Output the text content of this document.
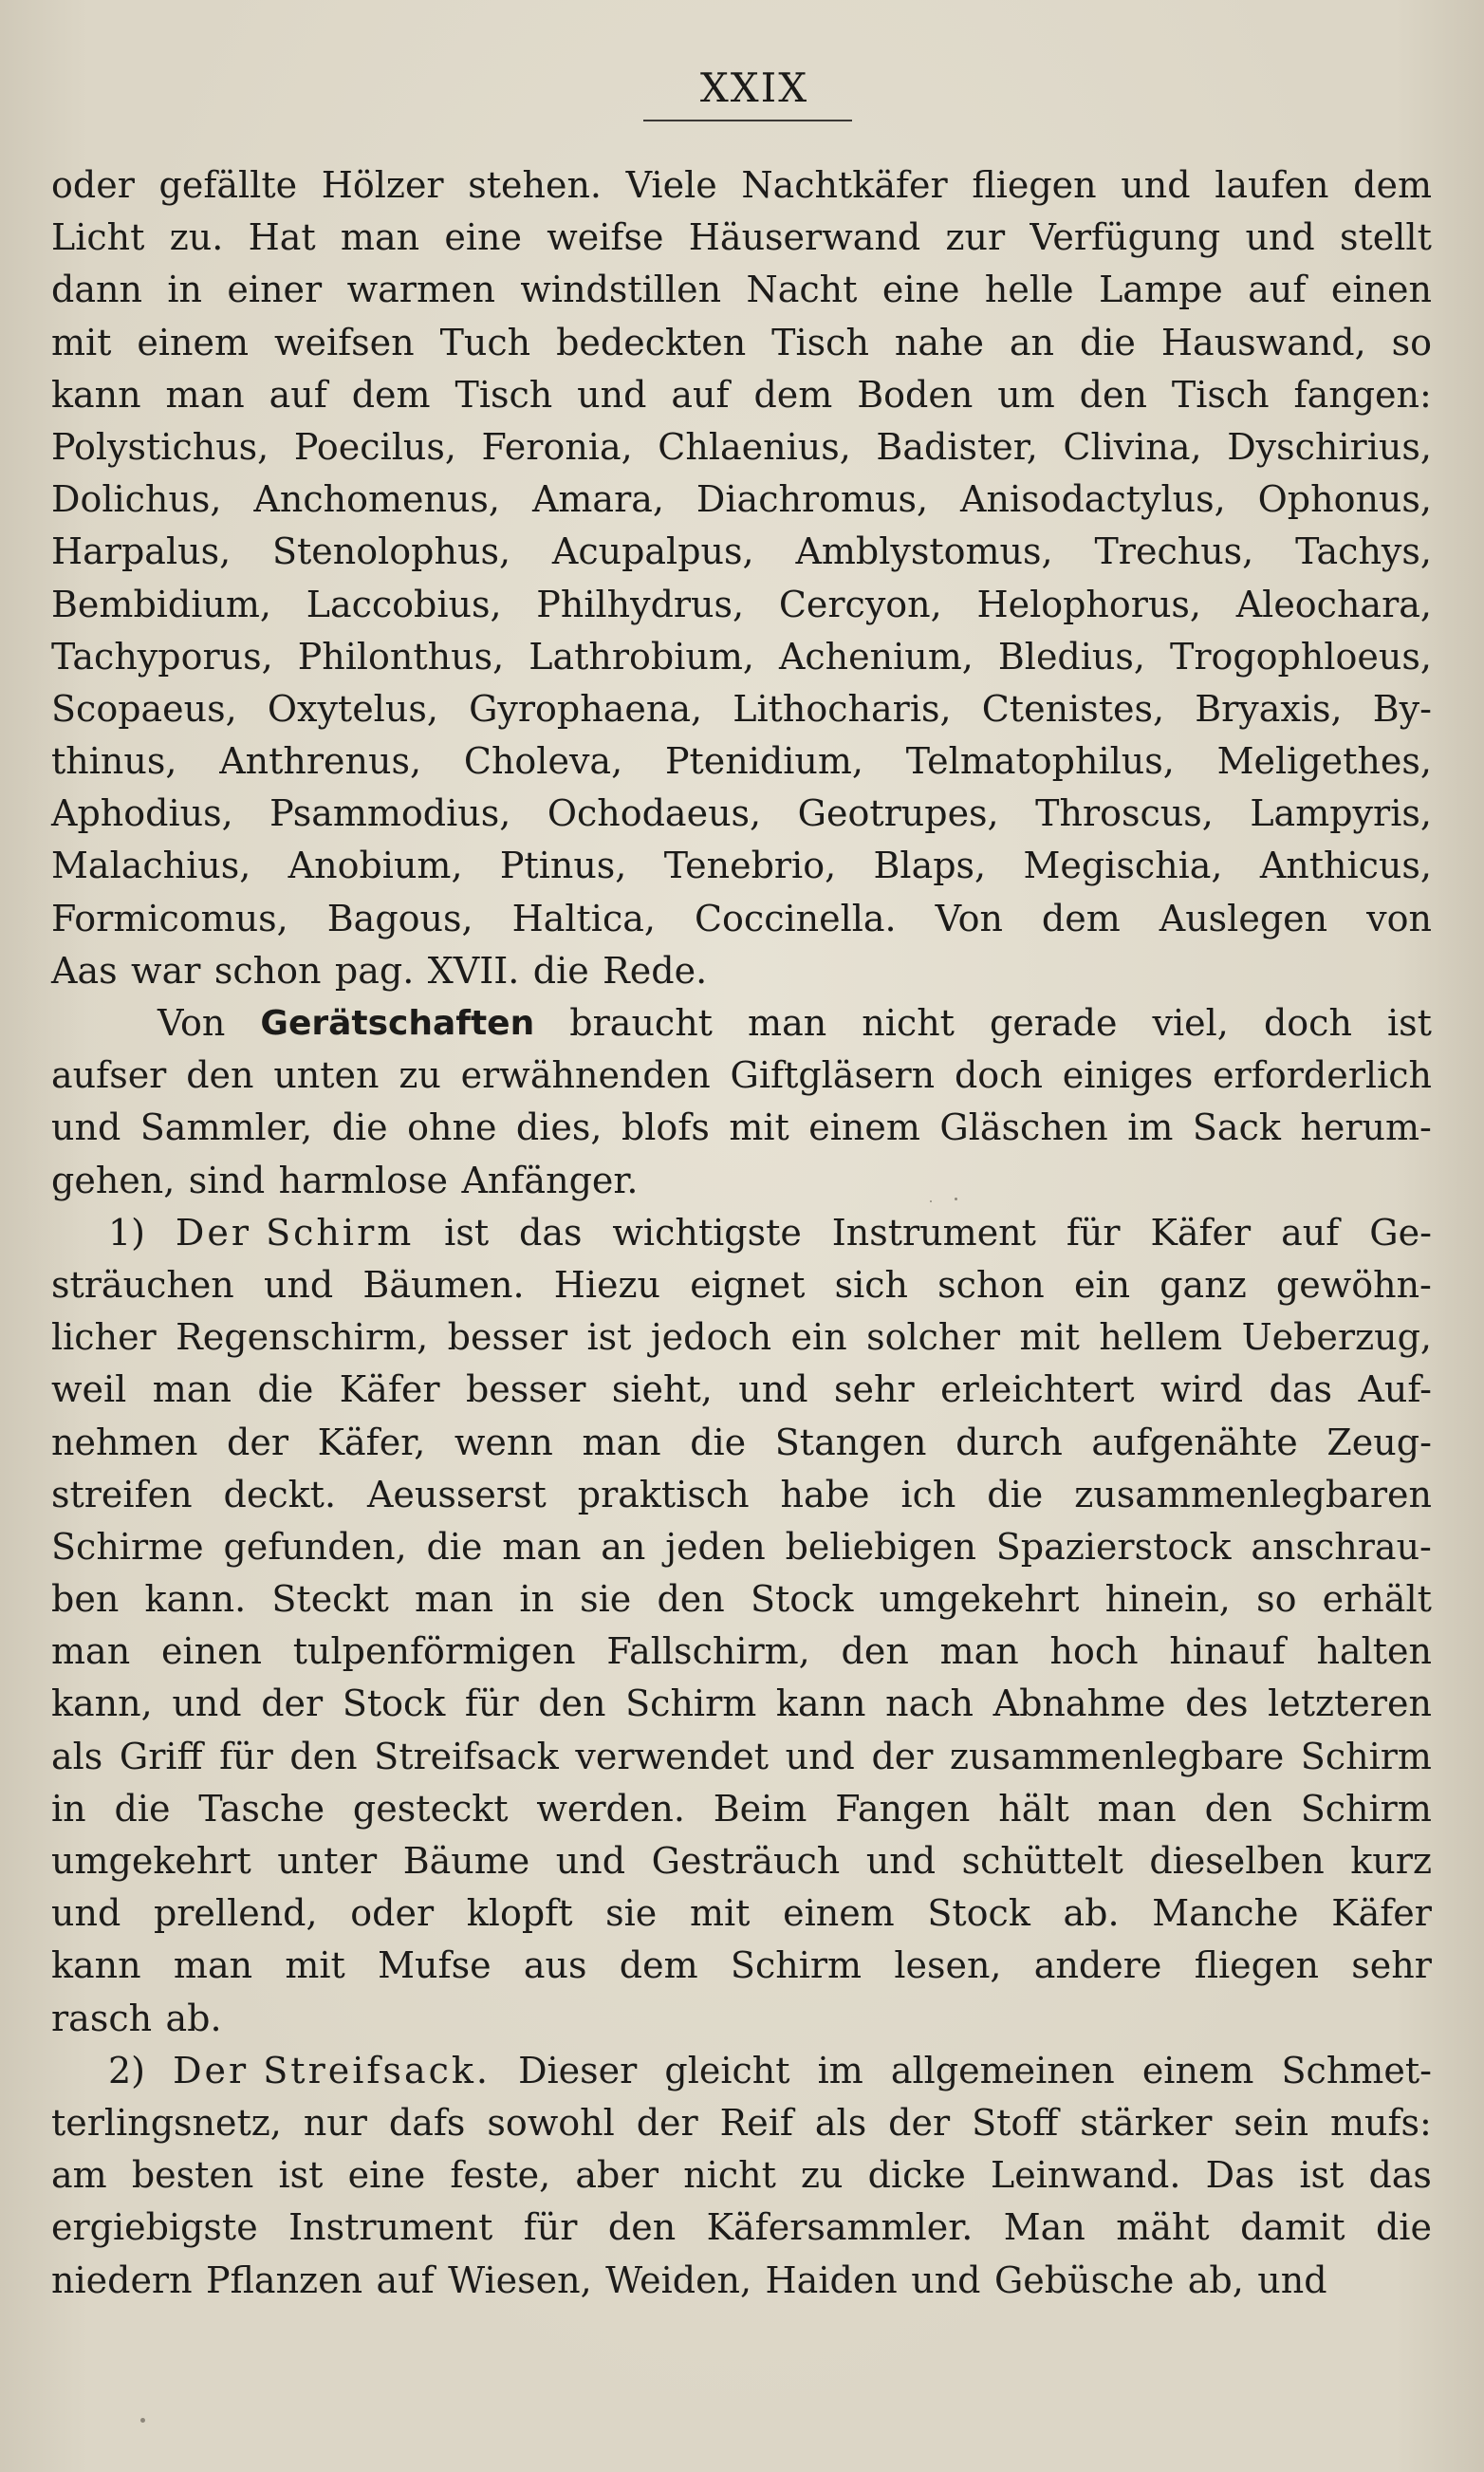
XXIX
oder gefällte Hölzer stehen. Viele Nachtkäfer fliegen und laufen dem
Licht zu. Hat man eine weifse Häuserwand zur Verfügung und stellt
dann in einer warmen windstillen Nacht eine helle Lampe auf einen
mit einem weifsen Tuch bedeckten Tisch nahe an die Hauswand, so
kann man auf dem Tisch und auf dem Boden um den Tisch fangen:
Polystichus, Poecilus, Feronia, Chlaenius, Badister, Clivina, Dyschirius,
Dolichus, Anchomenus, Amara, Diachromus, Anisodactylus, Ophonus,
Harpalus, Stenolophus, Acupalpus, Amblystomus, Trechus, Tachys,
Bembidium, Laccobius, Philhydrus, Cercyon, Helophorus, Aleochara,
Tachyporus, Philonthus, Lathrobium, Achenium, Bledius, Trogophloeus,
Scopaeus, Oxytelus, Gyrophaena, Lithocharis, Ctenistes, Bryaxis, By-
thinus, Anthrenus, Choleva, Ptenidium, Telmatophilus, Meligethes,
Aphodius, Psammodius, Ochodaeus, Geotrupes, Throscus, Lampyris,
Malachius, Anobium, Ptinus, Tenebrio, Blaps, Megischia, Anthicus,
Formicomus, Bagous, Haltica, Coccinella. Von dem Auslegen von
Aas war schon pag. XVII. die Rede.
Von Gerätschaften braucht man nicht gerade viel, doch ist
aufser den unten zu erwähnenden Giftgläsern doch einiges erforderlich
und Sammler, die ohne dies, blofs mit einem Gläschen im Sack herum-
gehen, sind harmlose Anfänger.
1) Der Schirm ist das wichtigste Instrument für Käfer auf Ge-
sträuchen und Bäumen. Hiezu eignet sich schon ein ganz gewöhn-
licher Regenschirm, besser ist jedoch ein solcher mit hellem Ueberzug,
weil man die Käfer besser sieht, und sehr erleichtert wird das Auf-
nehmen der Käfer, wenn man die Stangen durch aufgenähte Zeug-
streifen deckt. Aeusserst praktisch habe ich die zusammenlegbaren
Schirme gefunden, die man an jeden beliebigen Spazierstock anschrau-
ben kann. Steckt man in sie den Stock umgekehrt hinein, so erhält
man einen tulpenförmigen Fallschirm, den man hoch hinauf halten
kann, und der Stock für den Schirm kann nach Abnahme des letzteren
als Griff für den Streifsack verwendet und der zusammenlegbare Schirm
in die Tasche gesteckt werden. Beim Fangen hält man den Schirm
umgekehrt unter Bäume und Gesträuch und schüttelt dieselben kurz
und prellend, oder klopft sie mit einem Stock ab. Manche Käfer
kann man mit Mufse aus dem Schirm lesen, andere fliegen sehr
rasch ab.
2) Der Streifsack. Dieser gleicht im allgemeinen einem Schmet-
terlingsnetz, nur dafs sowohl der Reif als der Stoff stärker sein mufs:
am besten ist eine feste, aber nicht zu dicke Leinwand. Das ist das
ergiebigste Instrument für den Käfersammler. Man mäht damit die
niedern Pflanzen auf Wiesen, Weiden, Haiden und Gebüsche ab, und
